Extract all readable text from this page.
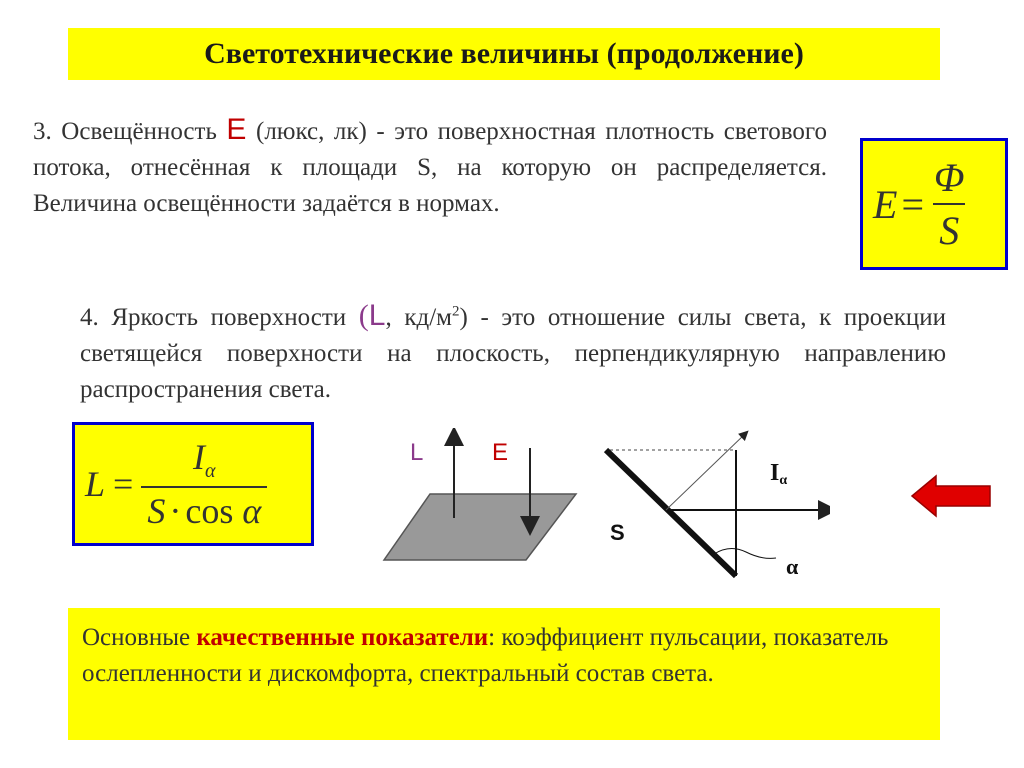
Светотехнические величины (продолжение)
3. Освещённость E (люкс, лк) - это поверхностная плотность светового потока, отнесённая к площади S, на которую он распределяется. Величина освещённости задаётся в нормах.	$E = \frac{\Phi}{S}$
4. Яркость поверхности (L, $кд/м^2$) - это отношение силы света, к проекции светящейся поверхности на плоскость, перпендикулярную направлению распространения света.
$L = \frac{I_\alpha}{\text{S · cos α}}$	L	E
Iα
S
α
Основные качественные показатели: коэффициент пульсации, показатель ослепленности и дискомфорта, спектральный состав света.
